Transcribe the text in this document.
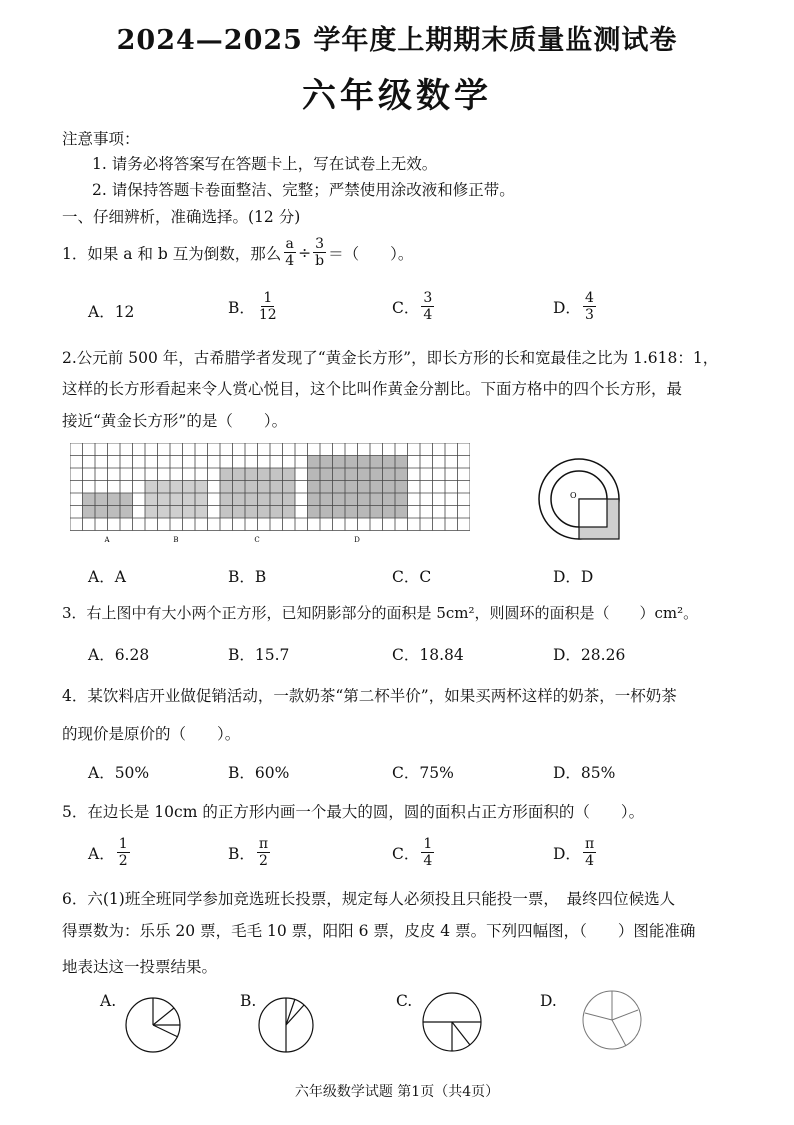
2024—2025 学年度上期期末质量监测试卷
六年级数学
注意事项：
1. 请务必将答案写在答题卡上，写在试卷上无效。
2. 请保持答题卡卷面整洁、完整；严禁使用涂改液和修正带。
一、仔细辨析，准确选择。(12 分)
1．如果 a 和 b 互为倒数，那么 $\frac{a}{4} \div \frac{3}{b}$ ＝（　　）。
A．12	B． $\frac{1}{12}$	C． $\frac{3}{4}$	D． $\frac{4}{3}$
2.公元前 500 年，古希腊学者发现了“黄金长方形”，即长方形的长和宽最佳之比为 1.618：1，
这样的长方形看起来令人赏心悦目，这个比叫作黄金分割比。下面方格中的四个长方形，最
接近“黄金长方形”的是（　　）。
A	B	C	D
O
A．A	B．B	C．C	D．D
3．右上图中有大小两个正方形，已知阴影部分的面积是 5cm²，则圆环的面积是（　　）cm²。
A．6.28	B．15.7	C．18.84	D．28.26
4．某饮料店开业做促销活动，一款奶茶“第二杯半价”，如果买两杯这样的奶茶，一杯奶茶
的现价是原价的（　　）。
A．50%	B．60%	C．75%	D．85%
5．在边长是 10cm 的正方形内画一个最大的圆，圆的面积占正方形面积的（　　）。
A． $\frac{1}{2}$	B． $\frac{\pi}{2}$	C． $\frac{1}{4}$	D． $\frac{\pi}{4}$
6．六(1)班全班同学参加竞选班长投票，规定每人必须投且只能投一票，　最终四位候选人
得票数为：乐乐 20 票，毛毛 10 票，阳阳 6 票，皮皮 4 票。下列四幅图，（　　）图能准确
地表达这一投票结果。
A.	B.	C.	D.
六年级数学试题 第1页（共4页）
